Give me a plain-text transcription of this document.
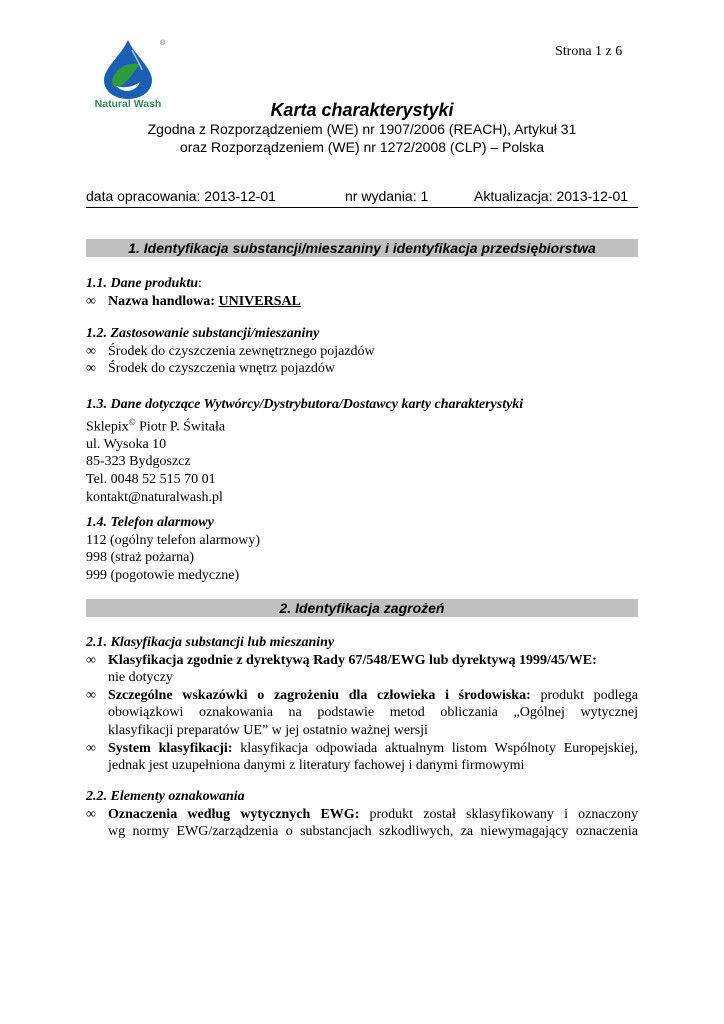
Strona 1 z 6
Natural Wash
®
Karta charakterystyki
Zgodna z Rozporządzeniem (WE) nr 1907/2006 (REACH), Artykuł 31
oraz Rozporządzeniem (WE) nr 1272/2008 (CLP) – Polska
data opracowania: 2013-12-01	nr wydania: 1	Aktualizacja: 2013-12-01
1. Identyfikacja substancji/mieszaniny i identyfikacja przedsiębiorstwa
1.1. Dane produktu:
∞ Nazwa handlowa: UNIVERSAL
1.2. Zastosowanie substancji/mieszaniny
∞ Środek do czyszczenia zewnętrznego pojazdów
∞ Środek do czyszczenia wnętrz pojazdów
1.3. Dane dotyczące Wytwórcy/Dystrybutora/Dostawcy karty charakterystyki
Sklepix© Piotr P. Świtała
ul. Wysoka 10
85-323 Bydgoszcz
Tel. 0048 52 515 70 01
kontakt@naturalwash.pl
1.4. Telefon alarmowy
112 (ogólny telefon alarmowy)
998 (straż pożarna)
999 (pogotowie medyczne)
2. Identyfikacja zagrożeń
2.1. Klasyfikacja substancji lub mieszaniny
∞ Klasyfikacja zgodnie z dyrektywą Rady 67/548/EWG lub dyrektywą 1999/45/WE:
nie dotyczy
∞ Szczególne wskazówki o zagrożeniu dla człowieka i środowiska: produkt podlega
obowiązkowi oznakowania na podstawie metod obliczania „Ogólnej wytycznej
klasyfikacji preparatów UE” w jej ostatnio ważnej wersji
∞ System klasyfikacji: klasyfikacja odpowiada aktualnym listom Wspólnoty Europejskiej,
jednak jest uzupełniona danymi z literatury fachowej i danymi firmowymi
2.2. Elementy oznakowania
∞ Oznaczenia według wytycznych EWG: produkt został sklasyfikowany i oznaczony
wg normy EWG/zarządzenia o substancjach szkodliwych, za niewymagający oznaczenia
